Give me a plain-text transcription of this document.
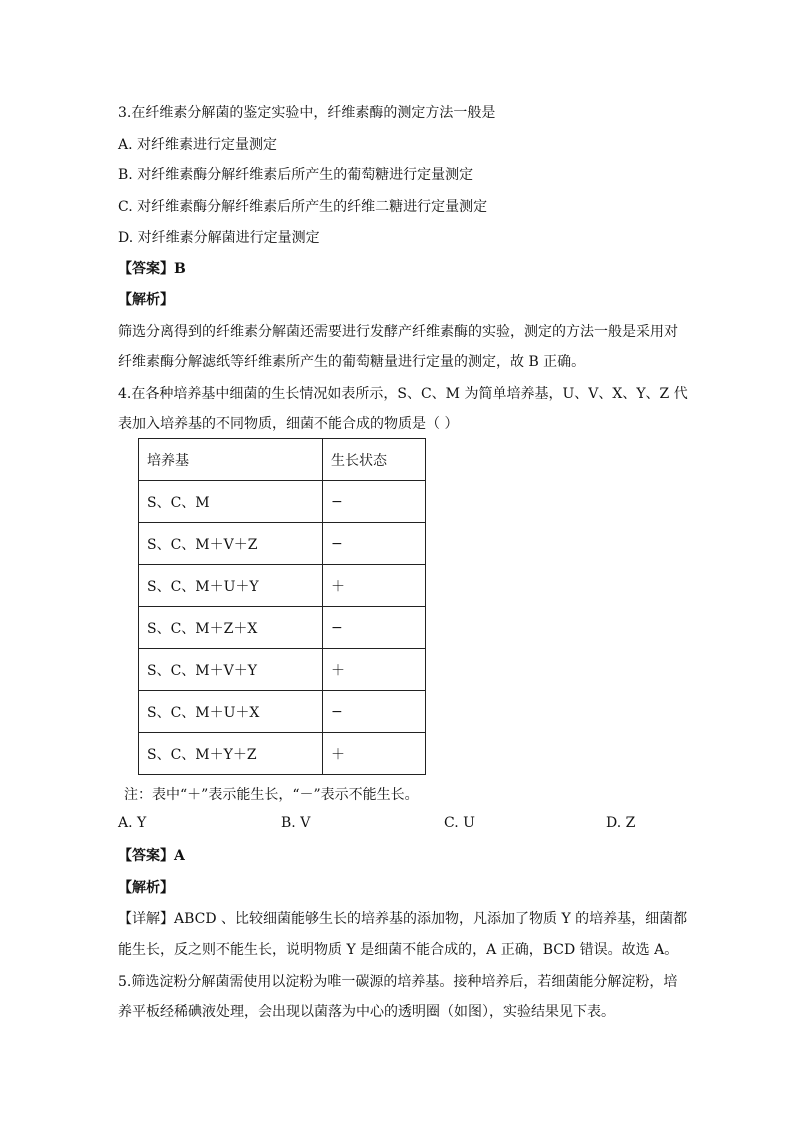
3.在纤维素分解菌的鉴定实验中，纤维素酶的测定方法一般是
A. 对纤维素进行定量测定
B. 对纤维素酶分解纤维素后所产生的葡萄糖进行定量测定
C. 对纤维素酶分解纤维素后所产生的纤维二糖进行定量测定
D. 对纤维素分解菌进行定量测定
【答案】B
【解析】
筛选分离得到的纤维素分解菌还需要进行发酵产纤维素酶的实验，测定的方法一般是采用对
纤维素酶分解滤纸等纤维素所产生的葡萄糖量进行定量的测定，故 B 正确。
4.在各种培养基中细菌的生长情况如表所示，S、C、M 为简单培养基，U、V、X、Y、Z 代
表加入培养基的不同物质，细菌不能合成的物质是（ ）
培养基	生长状态
S、C、M	−
S、C、M＋V＋Z	−
S、C、M＋U＋Y	＋
S、C、M＋Z＋X	−
S、C、M＋V＋Y	＋
S、C、M＋U＋X	−
S、C、M＋Y＋Z	＋
注：表中“＋”表示能生长，“－”表示不能生长。
A. Y	B. V	C. U	D. Z
【答案】A
【解析】
【详解】ABCD 、比较细菌能够生长的培养基的添加物，凡添加了物质 Y 的培养基，细菌都
能生长，反之则不能生长，说明物质 Y 是细菌不能合成的，A 正确，BCD 错误。故选 A。
5.筛选淀粉分解菌需使用以淀粉为唯一碳源的培养基。接种培养后，若细菌能分解淀粉，培
养平板经稀碘液处理，会出现以菌落为中心的透明圈（如图），实验结果见下表。
